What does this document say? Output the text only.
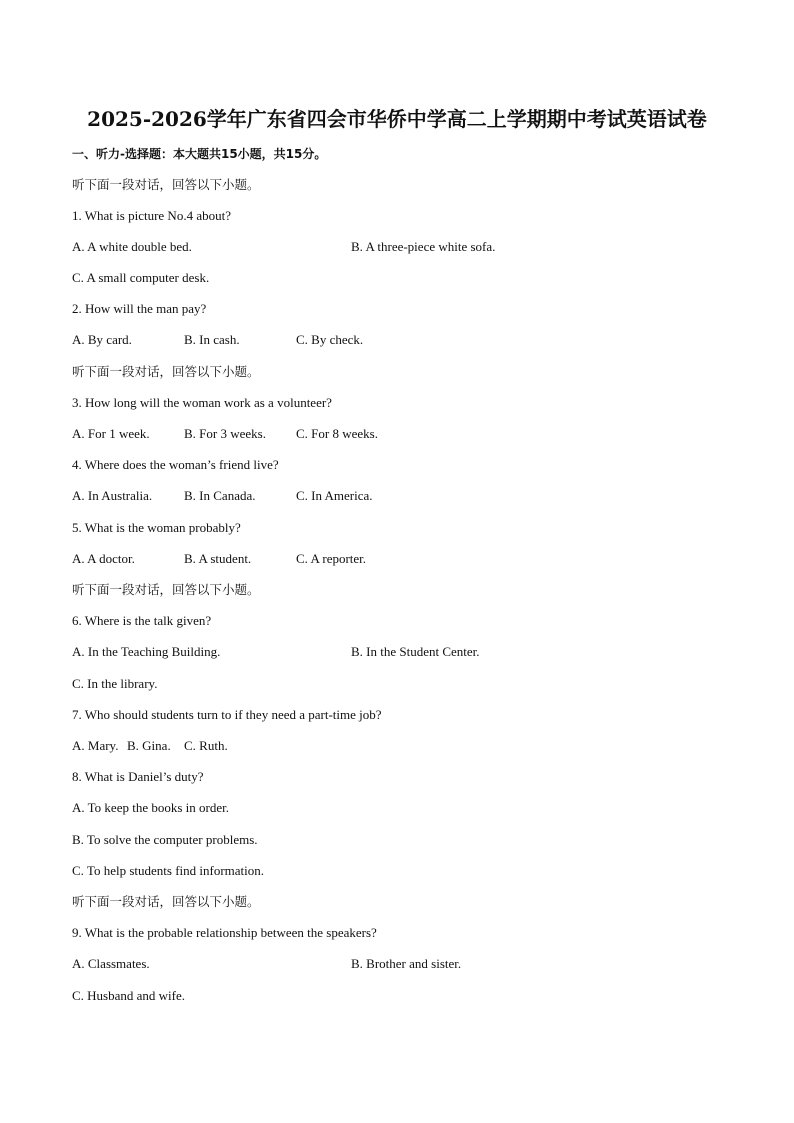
2025-2026学年广东省四会市华侨中学高二上学期期中考试英语试卷
一、听力-选择题：本大题共15小题，共15分。
听下面一段对话，回答以下小题。
1. What is picture No.4 about?
A. A white double bed.	B. A three-piece white sofa.
C. A small computer desk.
2. How will the man pay?
A. By card.	B. In cash.	C. By check.
听下面一段对话，回答以下小题。
3. How long will the woman work as a volunteer?
A. For 1 week.	B. For 3 weeks. C. For 8 weeks.
4. Where does the woman’s friend live?
A. In Australia. B. In Canada.	C. In America.
5. What is the woman probably?
A. A doctor.	B. A student.	C. A reporter.
听下面一段对话，回答以下小题。
6. Where is the talk given?
A. In the Teaching Building.	B. In the Student Center.
C. In the library.
7. Who should students turn to if they need a part-time job?
A. Mary. B. Gina. C. Ruth.
8. What is Daniel’s duty?
A. To keep the books in order.
B. To solve the computer problems.
C. To help students find information.
听下面一段对话，回答以下小题。
9. What is the probable relationship between the speakers?
A. Classmates.	B. Brother and sister.
C. Husband and wife.
